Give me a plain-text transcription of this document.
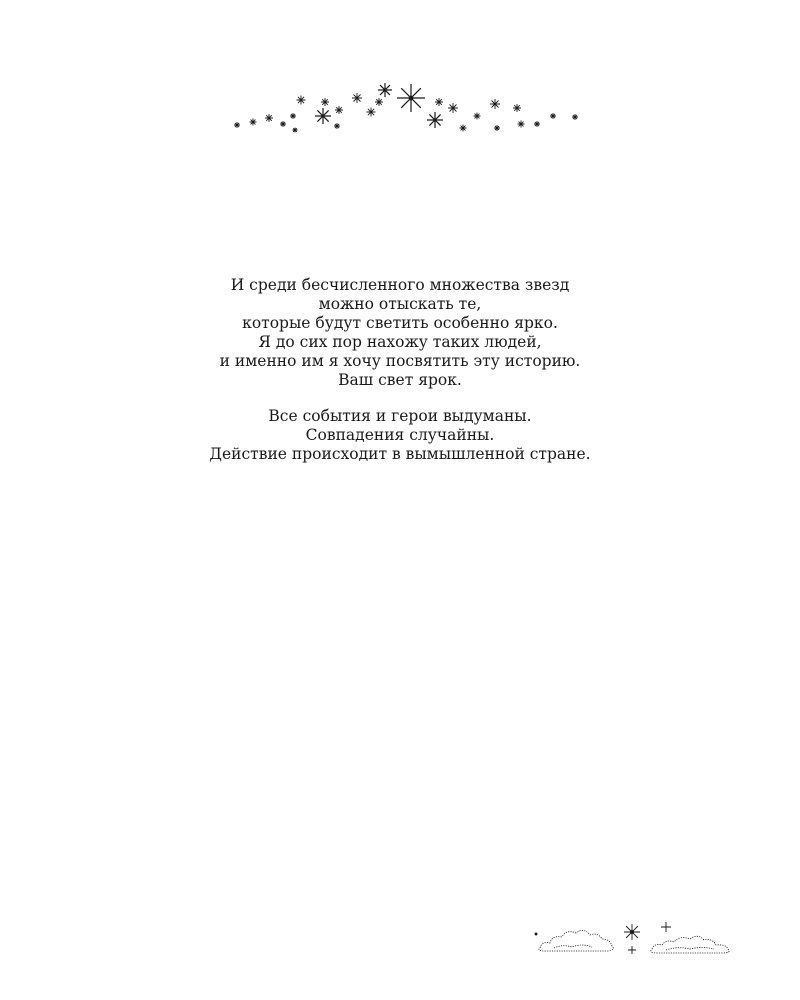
И среди бесчисленного множества звезд

можно отыскать те,

которые будут светить особенно ярко.

Я до сих пор нахожу таких людей,

и именно им я хочу посвятить эту историю.

Ваш свет ярок.

Все события и герои выдуманы.

Совпадения случайны.

Действие происходит в вымышленной стране.
